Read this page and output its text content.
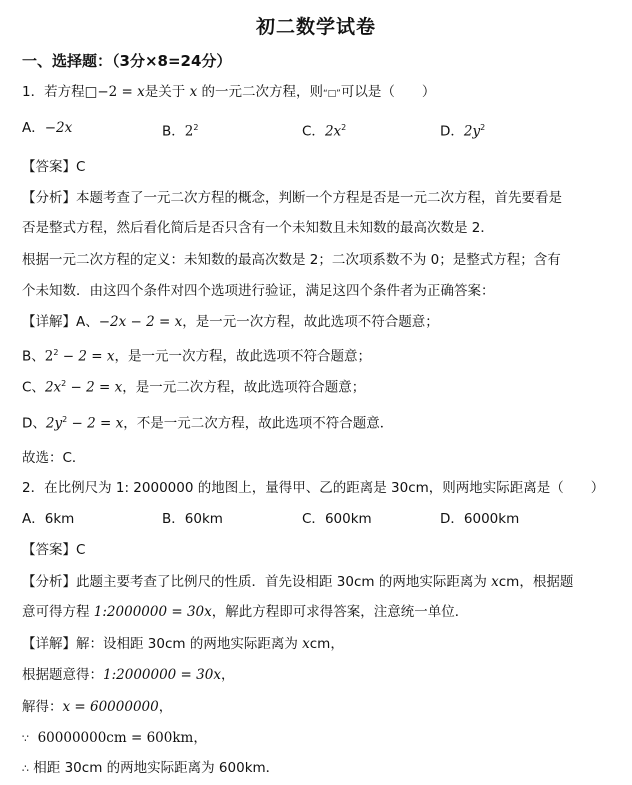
初二数学试卷
一、选择题：（3分×8=24分）
1．若方程□−2 = x是关于 x 的一元二次方程，则“□”可以是（　　）
A．−2x	B．$2^2$	C．$2x^2$	D．$2y^2$
【答案】C
【分析】本题考查了一元二次方程的概念，判断一个方程是否是一元二次方程，首先要看是
否是整式方程，然后看化简后是否只含有一个未知数且未知数的最高次数是 2．
根据一元二次方程的定义：未知数的最高次数是 2；二次项系数不为 0；是整式方程；含有
个未知数．由这四个条件对四个选项进行验证，满足这四个条件者为正确答案：
【详解】A、−2x − 2 = x，是一元一次方程，故此选项不符合题意；
B、$2^2 - 2 = x$，是一元一次方程，故此选项不符合题意；
C、$2x^2 - 2 = x$，是一元二次方程，故此选项符合题意；
D、$2y^2 - 2 = x$，不是一元二次方程，故此选项不符合题意．
故选：C．
2．在比例尺为 1: 2000000 的地图上，量得甲、乙的距离是 30cm，则两地实际距离是（　　）
A．6km	B．60km	C．600km	D．6000km
【答案】C
【分析】此题主要考查了比例尺的性质．首先设相距 30cm 的两地实际距离为 xcm，根据题
意可得方程 1:2000000 = 30x，解此方程即可求得答案，注意统一单位．
【详解】解：设相距 30cm 的两地实际距离为 xcm，
根据题意得：1:2000000 = 30x，
解得：x = 60000000，
∵ 60000000cm = 600km，
∴ 相距 30cm 的两地实际距离为 600km．
